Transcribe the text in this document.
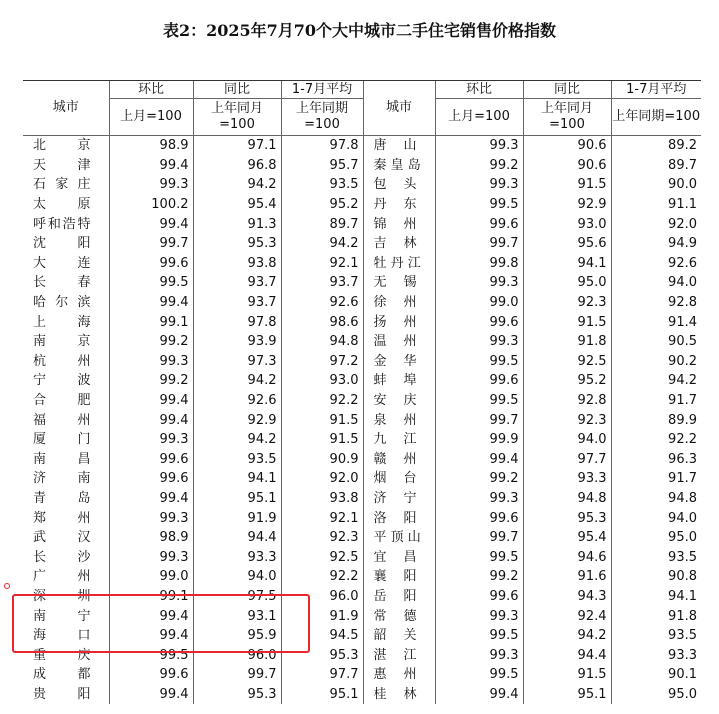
表2：2025年7月70个大中城市二手住宅销售价格指数
城市	环比	同比	1-7月平均	城市	环比	同比	1-7月平均
	上月=100	上年同月=100	上年同期=100		上月=100	上年同月=100	上年同期=100

北 京	98.9	97.1	97.8	唐 山	99.3	90.6	89.2

天 津	99.4	96.8	95.7	秦 皇 岛	99.2	90.6	89.7

石 家 庄	99.3	94.2	93.5	包 头	99.3	91.5	90.0

太 原	100.2	95.4	95.2	丹 东	99.5	92.9	91.1

呼和浩特	99.4	91.3	89.7	锦 州	99.6	93.0	92.0

沈 阳	99.7	95.3	94.2	吉 林	99.7	95.6	94.9

大 连	99.6	93.8	92.1	牡 丹 江	99.8	94.1	92.6

长 春	99.5	93.7	93.7	无 锡	99.3	95.0	94.0

哈 尔 滨	99.4	93.7	92.6	徐 州	99.0	92.3	92.8

上 海	99.1	97.8	98.6	扬 州	99.6	91.5	91.4

南 京	99.2	93.9	94.8	温 州	99.3	91.8	90.5

杭 州	99.3	97.3	97.2	金 华	99.5	92.5	90.2

宁 波	99.2	94.2	93.0	蚌 埠	99.6	95.2	94.2

合 肥	99.4	92.6	92.2	安 庆	99.5	92.8	91.7

福 州	99.4	92.9	91.5	泉 州	99.7	92.3	89.9

厦 门	99.3	94.2	91.5	九 江	99.9	94.0	92.2

南 昌	99.6	93.5	90.9	赣 州	99.4	97.7	96.3

济 南	99.6	94.1	92.0	烟 台	99.2	93.3	91.7

青 岛	99.4	95.1	93.8	济 宁	99.3	94.8	94.8

郑 州	99.3	91.9	92.1	洛 阳	99.6	95.3	94.0

武 汉	98.9	94.4	92.3	平 顶 山	99.7	95.4	95.0

长 沙	99.3	93.3	92.5	宜 昌	99.5	94.6	93.5

广 州	99.0	94.0	92.2	襄 阳	99.2	91.6	90.8

深 圳	99.1	97.5	96.0	岳 阳	99.6	94.3	94.1

南 宁	99.4	93.1	91.9	常 德	99.3	92.4	91.8

海 口	99.4	95.9	94.5	韶 关	99.5	94.2	93.5

重 庆	99.5	96.0	95.3	湛 江	99.3	94.4	93.3

成 都	99.6	99.7	97.7	惠 州	99.5	91.5	90.1

贵 阳	99.4	95.3	95.1	桂 林	99.4	95.1	95.0
